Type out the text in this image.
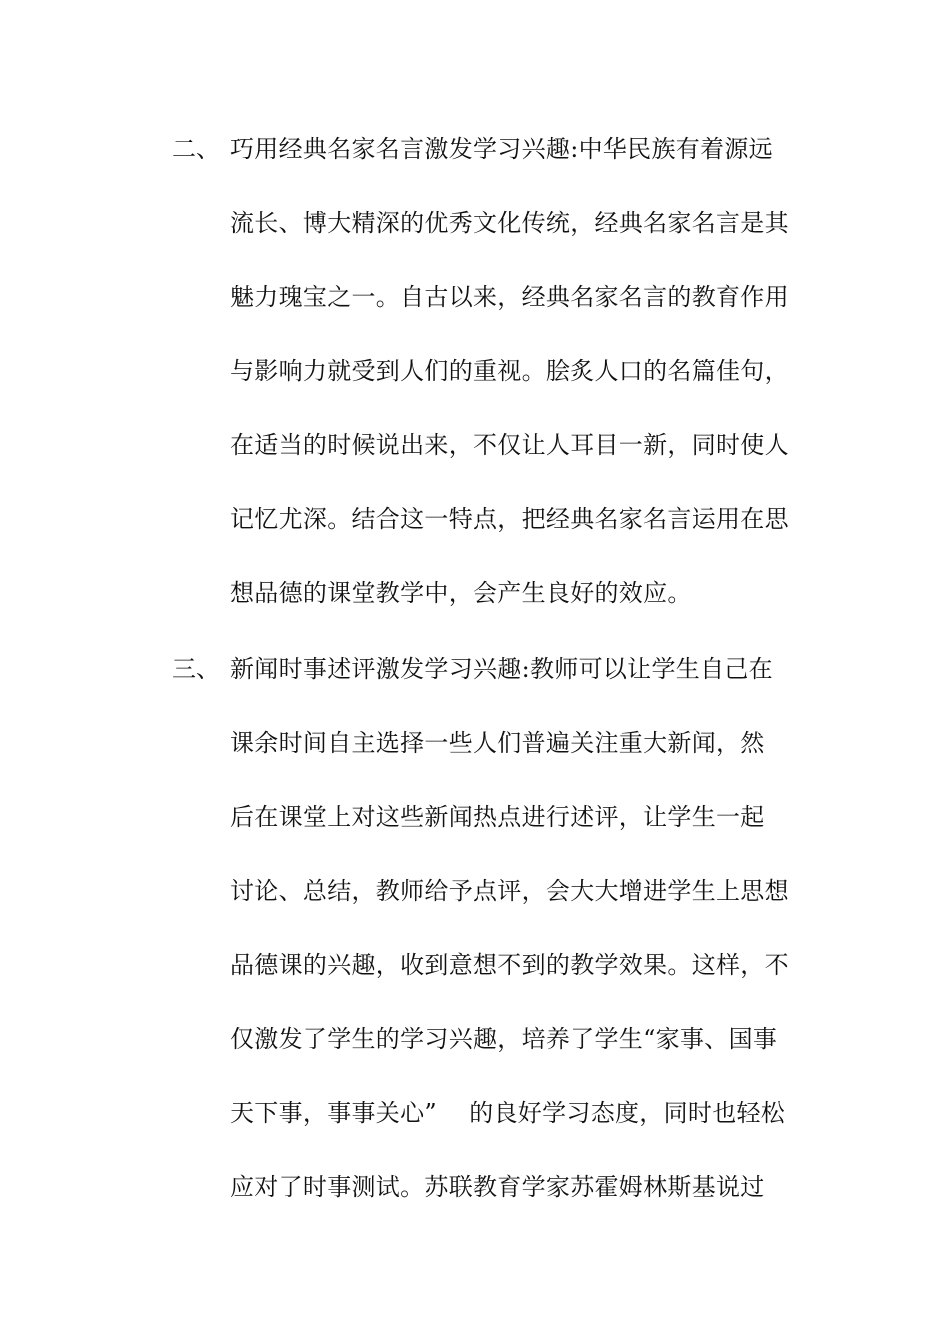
二、 巧用经典名家名言激发学习兴趣:中华民族有着源远
流长、博大精深的优秀文化传统，经典名家名言是其
魅力瑰宝之一。自古以来，经典名家名言的教育作用
与影响力就受到人们的重视。脍炙人口的名篇佳句，
在适当的时候说出来，不仅让人耳目一新，同时使人
记忆尤深。结合这一特点，把经典名家名言运用在思
想品德的课堂教学中，会产生良好的效应。
三、 新闻时事述评激发学习兴趣:教师可以让学生自己在
课余时间自主选择一些人们普遍关注重大新闻，然
后在课堂上对这些新闻热点进行述评，让学生一起
讨论、总结，教师给予点评，会大大增进学生上思想
品德课的兴趣，收到意想不到的教学效果。这样，不
仅激发了学生的学习兴趣，培养了学生“家事、国事
天下事，事事关心”　 的良好学习态度，同时也轻松
应对了时事测试。苏联教育学家苏霍姆林斯基说过
